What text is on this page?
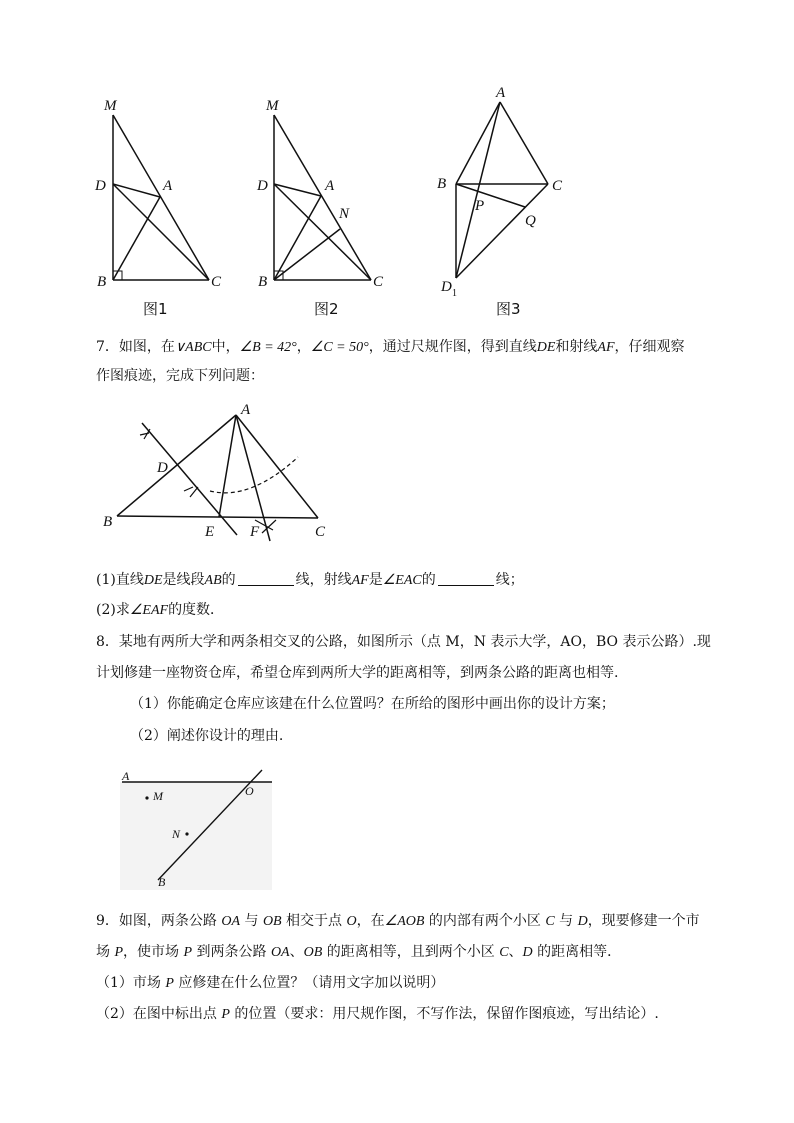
M
D	A
B	C
图1
M
D	A
N
B	C
图2
A
B	C
P
Q
D 1
图3
7．如图，在∨ABC中，∠B = 42°，∠C = 50°，通过尺规作图，得到直线DE和射线AF，仔细观察
作图痕迹，完成下列问题：
A
B
C
D
E F
(1)直线DE是线段AB的	线，射线AF是∠EAC的	线；
(2)求∠EAF的度数．
8．某地有两所大学和两条相交叉的公路，如图所示（点 M，N 表示大学，AO，BO 表示公路）.现
计划修建一座物资仓库，希望仓库到两所大学的距离相等，到两条公路的距离也相等.
（1）你能确定仓库应该建在什么位置吗？在所给的图形中画出你的设计方案；
（2）阐述你设计的理由.
A
M	O
N
B
9．如图，两条公路 OA 与 OB 相交于点 O，在∠AOB 的内部有两个小区 C 与 D，现要修建一个市
场 P，使市场 P 到两条公路 OA、OB 的距离相等，且到两个小区 C、D 的距离相等．
（1）市场 P 应修建在什么位置？（请用文字加以说明）
（2）在图中标出点 P 的位置（要求：用尺规作图，不写作法，保留作图痕迹，写出结论）.
